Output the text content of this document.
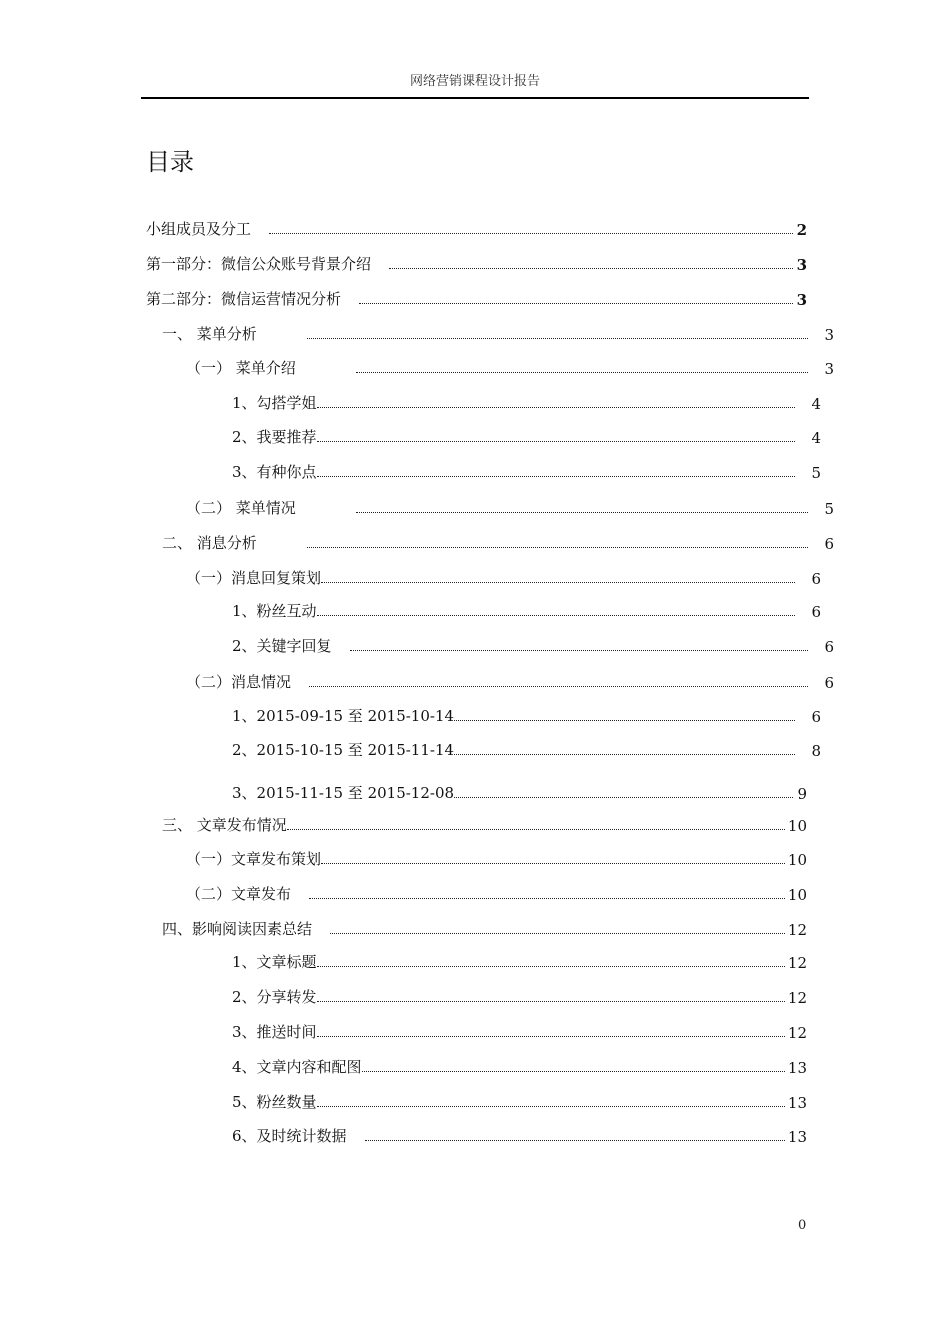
网络营销课程设计报告
目录
小组成员及分工	2
第一部分：微信公众账号背景介绍	3
第二部分：微信运营情况分析	3
一、 菜单分析	3
（一） 菜单介绍	3
1、勾搭学姐	4
2、我要推荐	4
3、有种你点	5
（二） 菜单情况	5
二、 消息分析	6
（一）消息回复策划	6
1、粉丝互动	6
2、关键字回复	6
（二）消息情况	6
1、2015-09-15 至 2015-10-14	6
2、2015-10-15 至 2015-11-14	8
3、2015-11-15 至 2015-12-08	9
三、 文章发布情况	10
（一）文章发布策划	10
（二）文章发布	10
四、影响阅读因素总结	12
1、文章标题	12
2、分享转发	12
3、推送时间	12
4、文章内容和配图	13
5、粉丝数量	13
6、及时统计数据	13
0
